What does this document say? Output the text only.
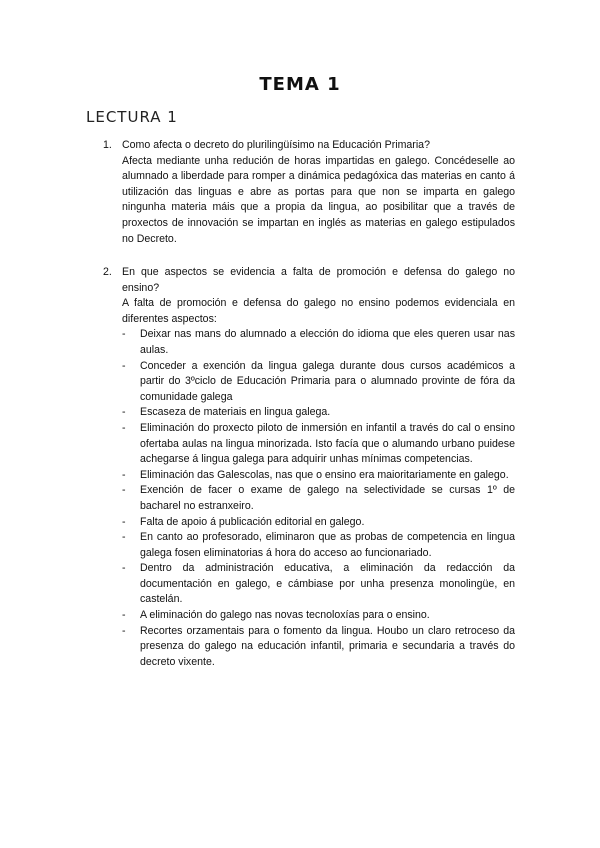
TEMA 1
LECTURA 1
1. Como afecta o decreto do plurilingüísimo na Educación Primaria?
Afecta mediante unha redución de horas impartidas en galego. Concédeselle ao alumnado a liberdade para romper a dinámica pedagóxica das materias en canto á utilización das linguas e abre as portas para que non se imparta en galego ningunha materia máis que a propia da lingua, ao posibilitar que a través de proxectos de innovación se impartan en inglés as materias en galego estipulados no Decreto.
2. En que aspectos se evidencia a falta de promoción e defensa do galego no ensino?
A falta de promoción e defensa do galego no ensino podemos evidenciala en diferentes aspectos:
- Deixar nas mans do alumnado a elección do idioma que eles queren usar nas aulas.
- Conceder a exención da lingua galega durante dous cursos académicos a partir do 3ºciclo de Educación Primaria para o alumnado provinte de fóra da comunidade galega
- Escaseza de materiais en lingua galega.
- Eliminación do proxecto piloto de inmersión en infantil a través do cal o ensino ofertaba aulas na lingua minorizada. Isto facía que o alumando urbano puidese achegarse á lingua galega para adquirir unhas mínimas competencias.
- Eliminación das Galescolas, nas que o ensino era maioritariamente en galego.
- Exención de facer o exame de galego na selectividade se cursas 1º de bacharel no estranxeiro.
- Falta de apoio á publicación editorial en galego.
- En canto ao profesorado, eliminaron que as probas de competencia en lingua galega fosen eliminatorias á hora do acceso ao funcionariado.
- Dentro da administración educativa, a eliminación da redacción da documentación en galego, e cámbiase por unha presenza monolingüe, en castelán.
- A eliminación do galego nas novas tecnoloxías para o ensino.
- Recortes orzamentais para o fomento da lingua. Houbo un claro retroceso da presenza do galego na educación infantil, primaria e secundaria a través do decreto vixente.
